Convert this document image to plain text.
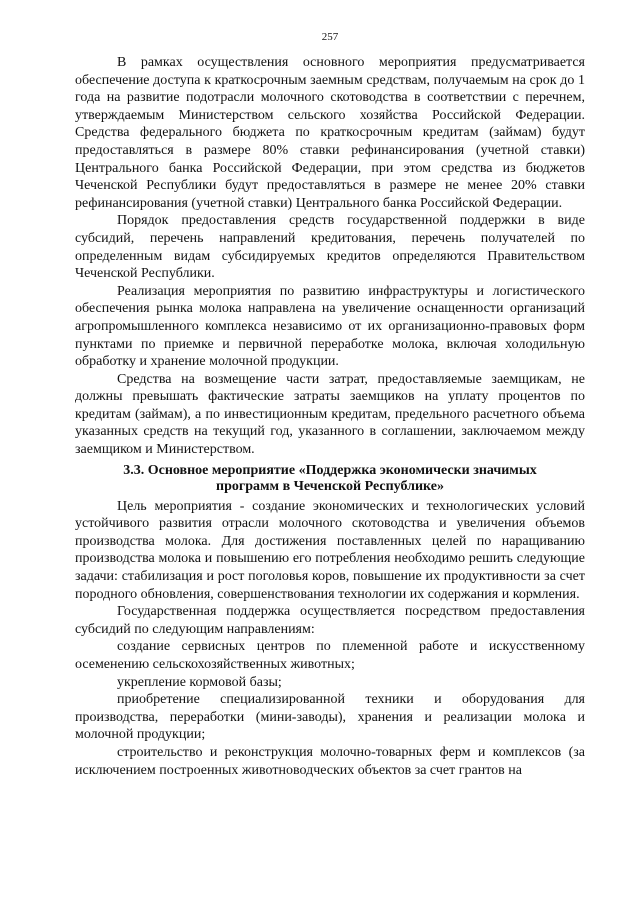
257

В рамках осуществления основного мероприятия предусматривается обеспечение доступа к краткосрочным заемным средствам, получаемым на срок до 1 года на развитие подотрасли молочного скотоводства в соответствии с перечнем, утверждаемым Министерством сельского хозяйства Российской Федерации. Средства федерального бюджета по краткосрочным кредитам (займам) будут предоставляться в размере 80% ставки рефинансирования (учетной ставки) Центрального банка Российской Федерации, при этом средства из бюджетов Чеченской Республики будут предоставляться в размере не менее 20% ставки рефинансирования (учетной ставки) Центрального банка Российской Федерации.

Порядок предоставления средств государственной поддержки в виде субсидий, перечень направлений кредитования, перечень получателей по определенным видам субсидируемых кредитов определяются Правительством Чеченской Республики.

Реализация мероприятия по развитию инфраструктуры и логистического обеспечения рынка молока направлена на увеличение оснащенности организаций агропромышленного комплекса независимо от их организационно-правовых форм пунктами по приемке и первичной переработке молока, включая холодильную обработку и хранение молочной продукции.

Средства на возмещение части затрат, предоставляемые заемщикам, не должны превышать фактические затраты заемщиков на уплату процентов по кредитам (займам), а по инвестиционным кредитам, предельного расчетного объема указанных средств на текущий год, указанного в соглашении, заключаемом между заемщиком и Министерством.

3.3. Основное мероприятие «Поддержка экономически значимых
программ в Чеченской Республике»

Цель мероприятия - создание экономических и технологических условий устойчивого развития отрасли молочного скотоводства и увеличения объемов производства молока. Для достижения поставленных целей по наращиванию производства молока и повышению его потребления необходимо решить следующие задачи: стабилизация и рост поголовья коров, повышение их продуктивности за счет породного обновления, совершенствования технологии их содержания и кормления.

Государственная поддержка осуществляется посредством предоставления субсидий по следующим направлениям:

создание сервисных центров по племенной работе и искусственному осеменению сельскохозяйственных животных;

укрепление кормовой базы;

приобретение специализированной техники и оборудования для производства, переработки (мини-заводы), хранения и реализации молока и молочной продукции;

строительство и реконструкция молочно-товарных ферм и комплексов (за исключением построенных животноводческих объектов за счет грантов на
